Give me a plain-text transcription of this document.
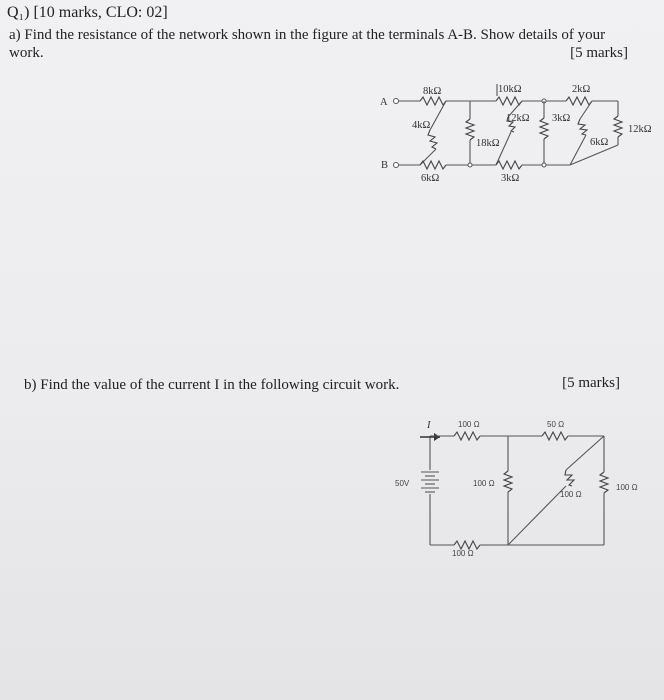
Q₁) [10 marks, CLO: 02]
a) Find the resistance of the network shown in the figure at the terminals A-B. Show details of your
work.	[5 marks]
A
8kΩ	10kΩ	2kΩ
4kΩ
18kΩ
12kΩ 3kΩ
6kΩ
12kΩ
B
6kΩ	3kΩ
b) Find the value of the current I in the following circuit work.	[5 marks]
50V
I	100 Ω	50 Ω
100 Ω
100 Ω
100 Ω
100 Ω
